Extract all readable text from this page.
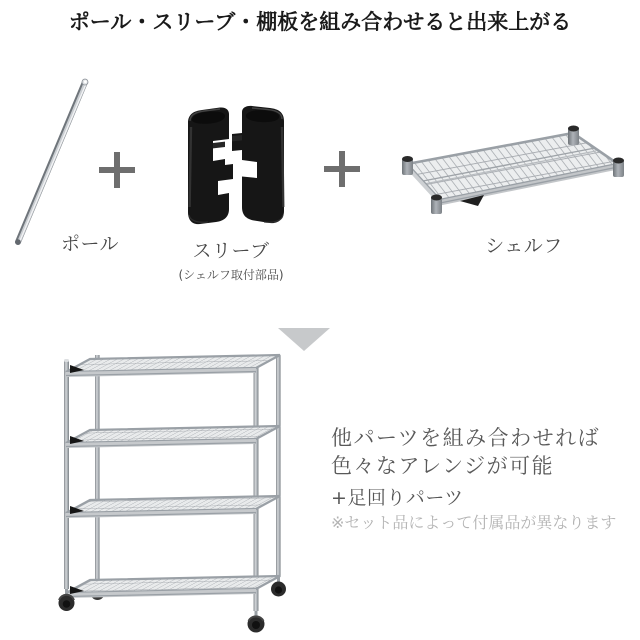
ポール・スリーブ・棚板を組み合わせると出来上がる
ポール	スリーブ
(シェルフ取付部品)
シェルフ
他パーツを組み合わせれば
色々なアレンジが可能
+足回りパーツ
※セット品によって付属品が異なります
